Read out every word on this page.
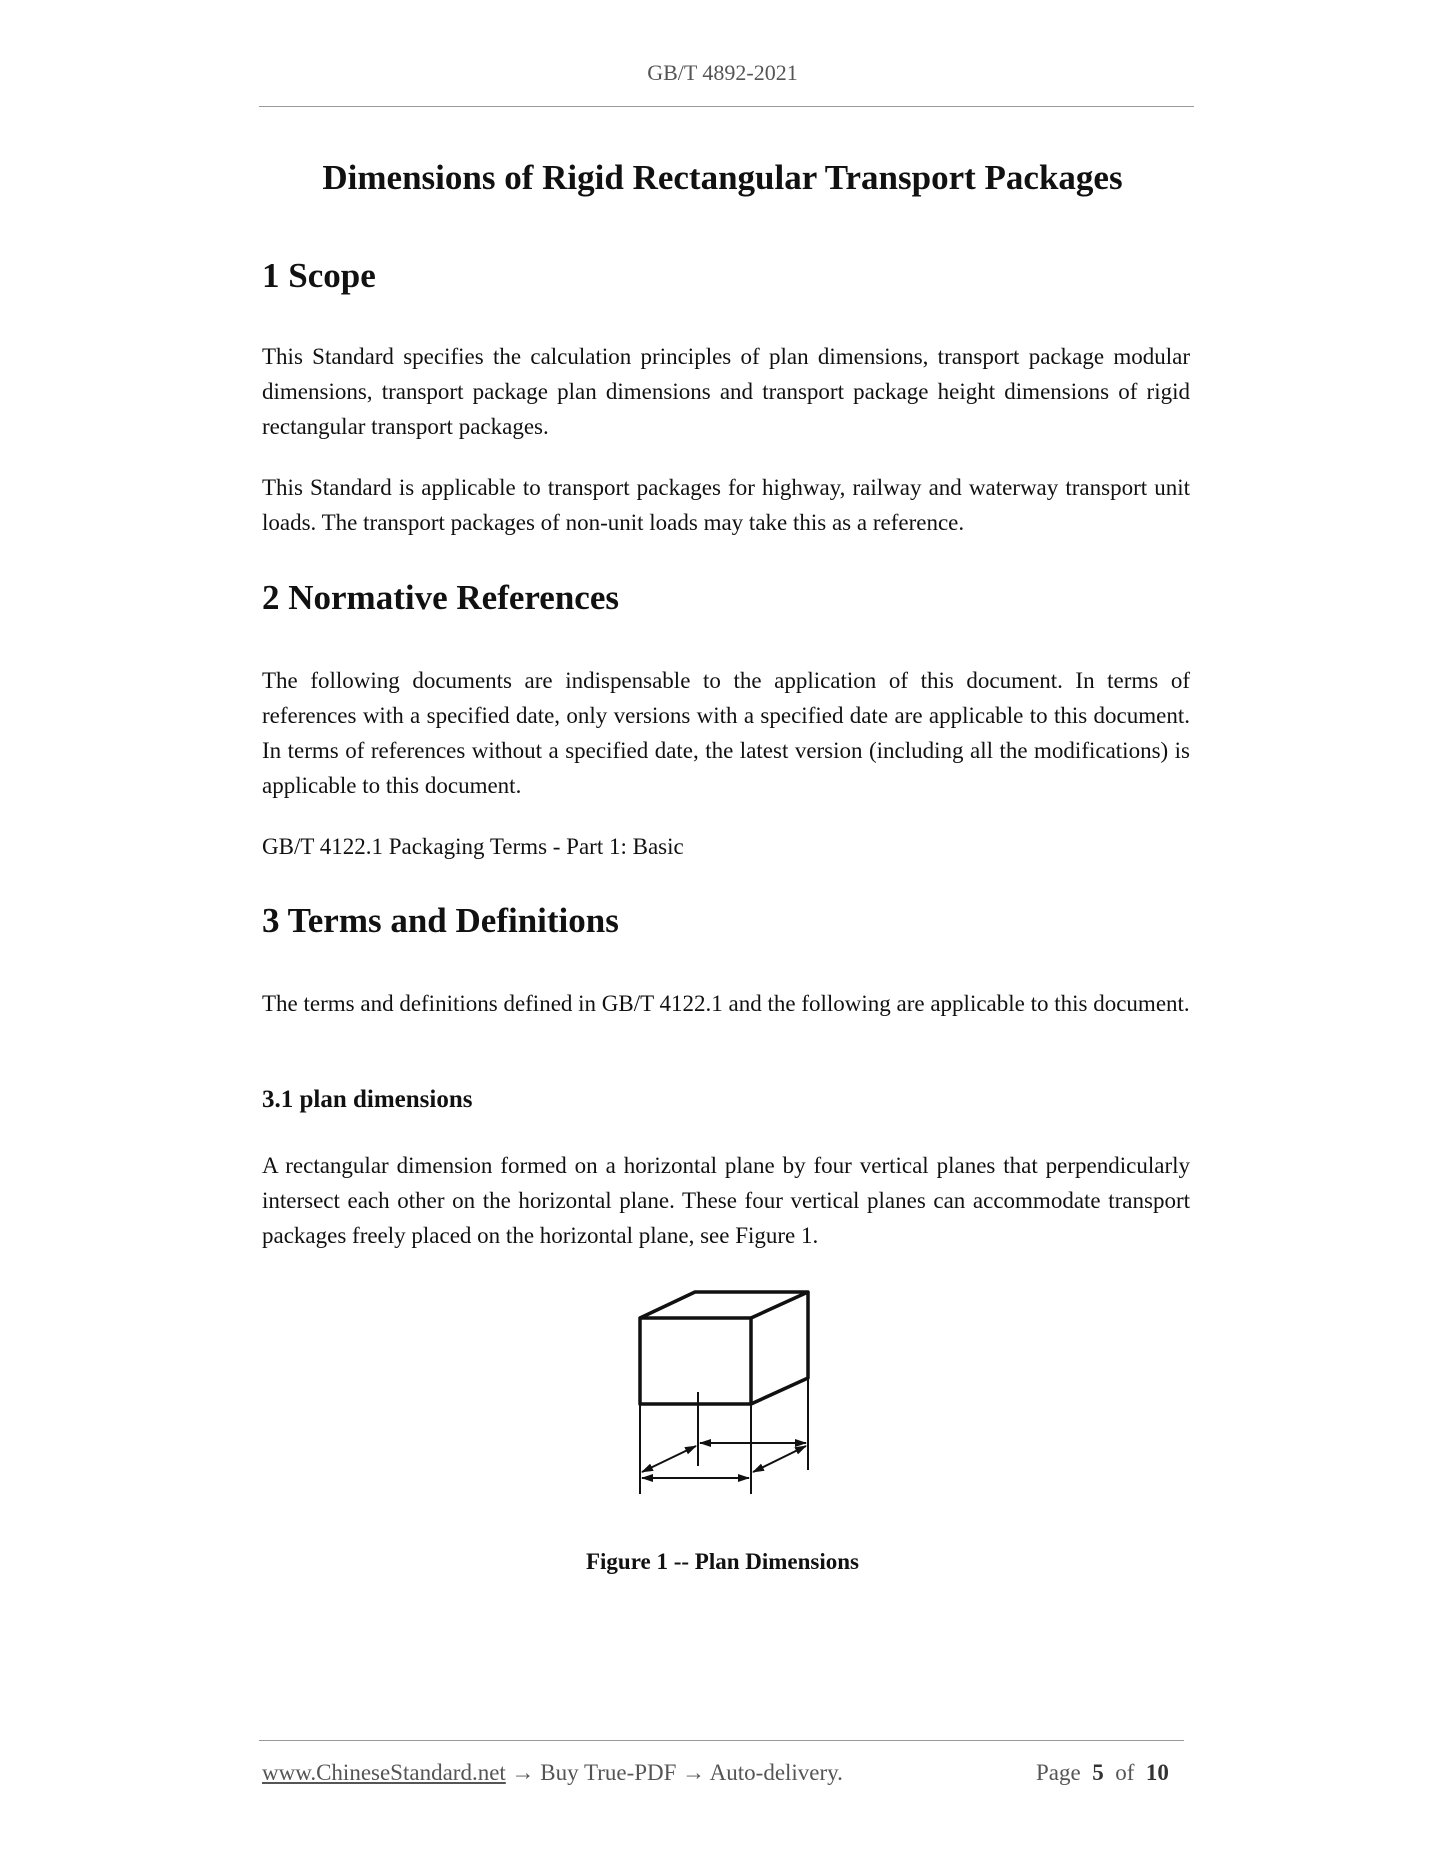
GB/T 4892-2021
Dimensions of Rigid Rectangular Transport Packages
1 Scope

This Standard specifies the calculation principles of plan dimensions, transport package modular dimensions, transport package plan dimensions and transport package height dimensions of rigid rectangular transport packages.

This Standard is applicable to transport packages for highway, railway and waterway transport unit loads. The transport packages of non-unit loads may take this as a reference.

2 Normative References

The following documents are indispensable to the application of this document. In terms of references with a specified date, only versions with a specified date are applicable to this document. In terms of references without a specified date, the latest version (including all the modifications) is applicable to this document.

GB/T 4122.1 Packaging Terms - Part 1: Basic

3 Terms and Definitions

The terms and definitions defined in GB/T 4122.1 and the following are applicable to this document.

3.1 plan dimensions

A rectangular dimension formed on a horizontal plane by four vertical planes that perpendicularly intersect each other on the horizontal plane. These four vertical planes can accommodate transport packages freely placed on the horizontal plane, see Figure 1.

Figure 1 -- Plan Dimensions
www.ChineseStandard.net → Buy True-PDF → Auto-delivery.	Page 5 of 10
